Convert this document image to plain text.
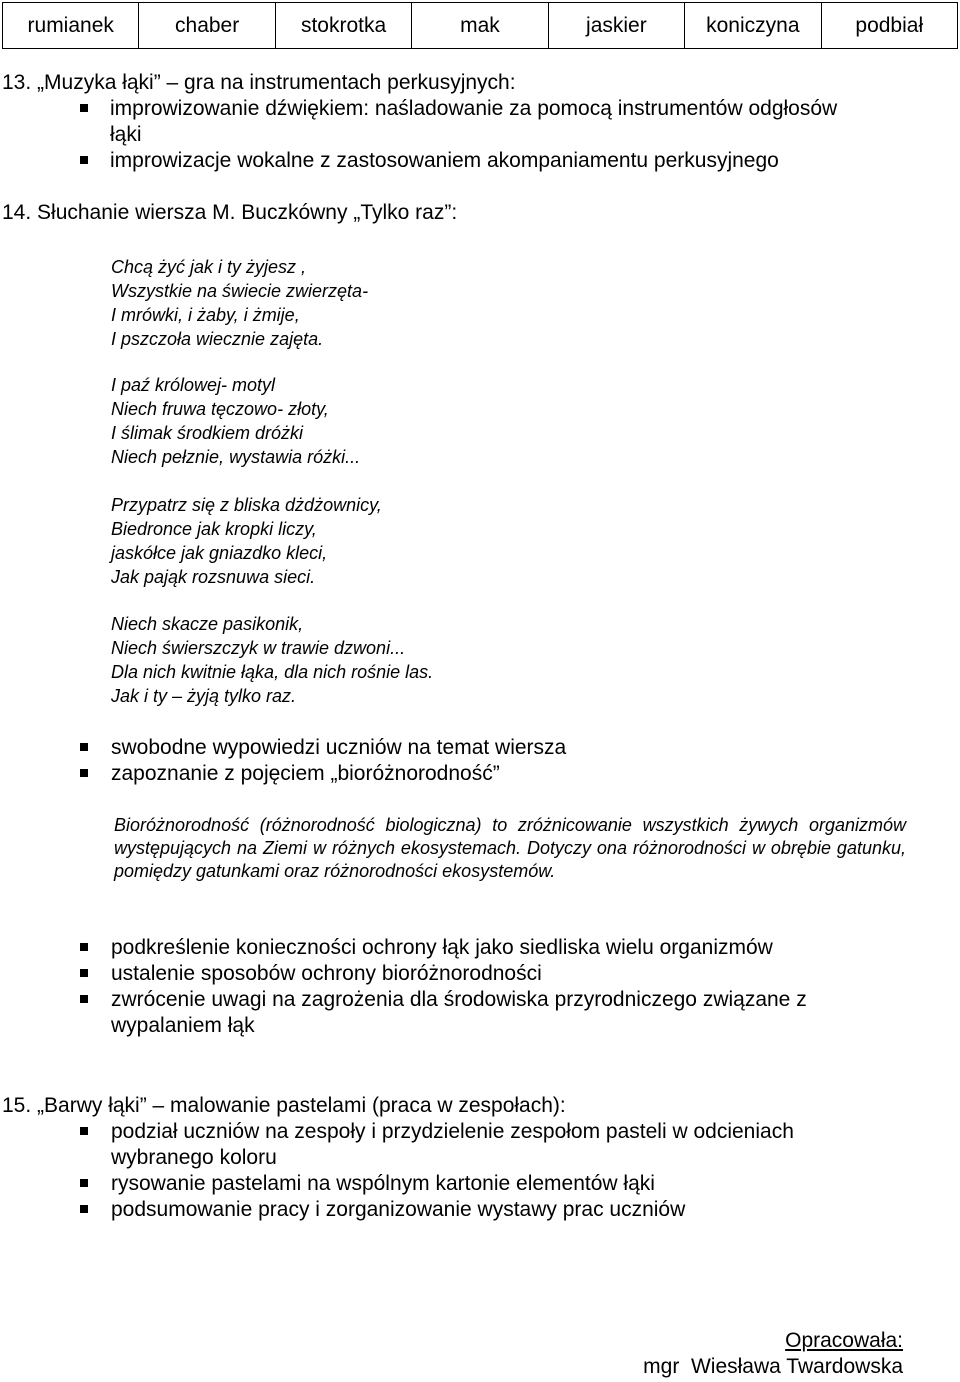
rumianek	chaber	stokrotka	mak	jaskier	koniczyna	podbiał
13. „Muzyka łąki” – gra na instrumentach perkusyjnych:
improwizowanie dźwiękiem: naśladowanie za pomocą instrumentów odgłosów
łąki
improwizacje wokalne z zastosowaniem akompaniamentu perkusyjnego
14. Słuchanie wiersza M. Buczkówny „Tylko raz”:
Chcą żyć jak i ty żyjesz ,
Wszystkie na świecie zwierzęta-
I mrówki, i żaby, i żmije,
I pszczoła wiecznie zajęta.
I paź królowej- motyl
Niech fruwa tęczowo- złoty,
I ślimak środkiem dróżki
Niech pełznie, wystawia różki...
Przypatrz się z bliska dżdżownicy,
Biedronce jak kropki liczy,
jaskółce jak gniazdko kleci,
Jak pająk rozsnuwa sieci.
Niech skacze pasikonik,
Niech świerszczyk w trawie dzwoni...
Dla nich kwitnie łąka, dla nich rośnie las.
Jak i ty – żyją tylko raz.
swobodne wypowiedzi uczniów na temat wiersza
zapoznanie z pojęciem „bioróżnorodność”
Bioróżnorodność (różnorodność biologiczna) to zróżnicowanie wszystkich żywych organizmów występujących na Ziemi w różnych ekosystemach. Dotyczy ona różnorodności w obrębie gatunku, pomiędzy gatunkami oraz różnorodności ekosystemów.
podkreślenie konieczności ochrony łąk jako siedliska wielu organizmów
ustalenie sposobów ochrony bioróżnorodności
zwrócenie uwagi na zagrożenia dla środowiska przyrodniczego związane z
wypalaniem łąk
15. „Barwy łąki” – malowanie pastelami (praca w zespołach):
podział uczniów na zespoły i przydzielenie zespołom pasteli w odcieniach
wybranego koloru
rysowanie pastelami na wspólnym kartonie elementów łąki
podsumowanie pracy i zorganizowanie wystawy prac uczniów
Opracowała:
mgr  Wiesława Twardowska
